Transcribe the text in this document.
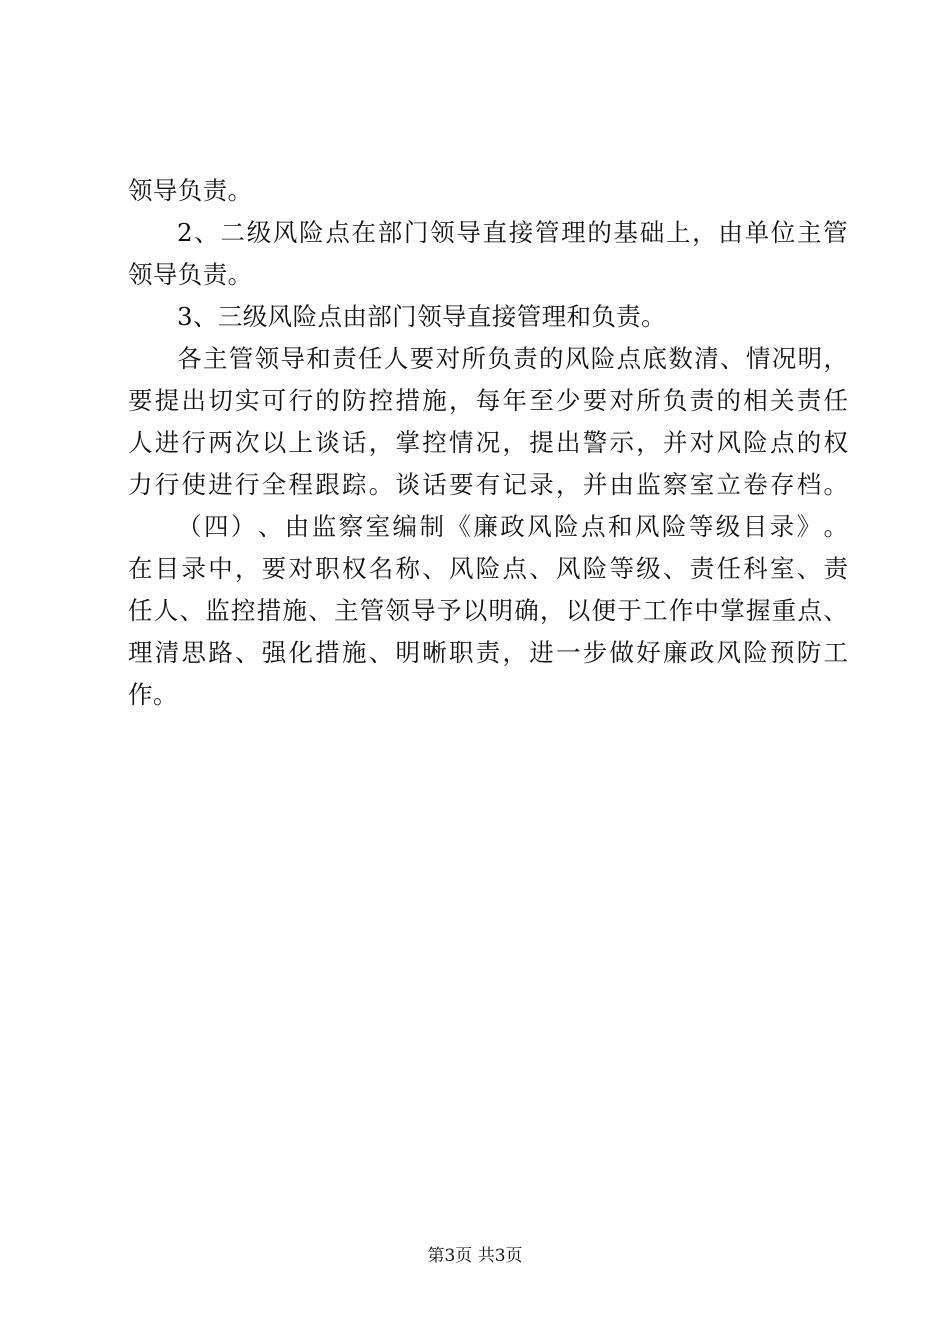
领导负责。
2 、 二 级 风 险 点 在 部 门 领 导 直 接 管 理 的 基 础 上 ， 由 单 位 主 管
领导负责。
3、三级风险点由部门领导直接管理和负责。
各 主 管 领 导 和 责 任 人 要 对 所 负 责 的 风 险 点 底 数 清 、 情 况 明 ，
要 提 出 切 实 可 行 的 防 控 措 施 ， 每 年 至 少 要 对 所 负 责 的 相 关 责 任
人 进 行 两 次 以 上 谈 话 ， 掌 控 情 况 ， 提 出 警 示 ， 并 对 风 险 点 的 权
力 行 使 进 行 全 程 跟 踪 。 谈 话 要 有 记 录 ， 并 由 监 察 室 立 卷 存 档 。
（ 四 ） 、 由 监 察 室 编 制 《 廉 政 风 险 点 和 风 险 等 级 目 录 》 。
在 目 录 中 ， 要 对 职 权 名 称 、 风 险 点 、 风 险 等 级 、 责 任 科 室 、 责
任 人 、 监 控 措 施 、 主 管 领 导 予 以 明 确 ， 以 便 于 工 作 中 掌 握 重 点 、
理 清 思 路 、 强 化 措 施 、 明 晰 职 责 ， 进 一 步 做 好 廉 政 风 险 预 防 工
作。
第3页 共3页
